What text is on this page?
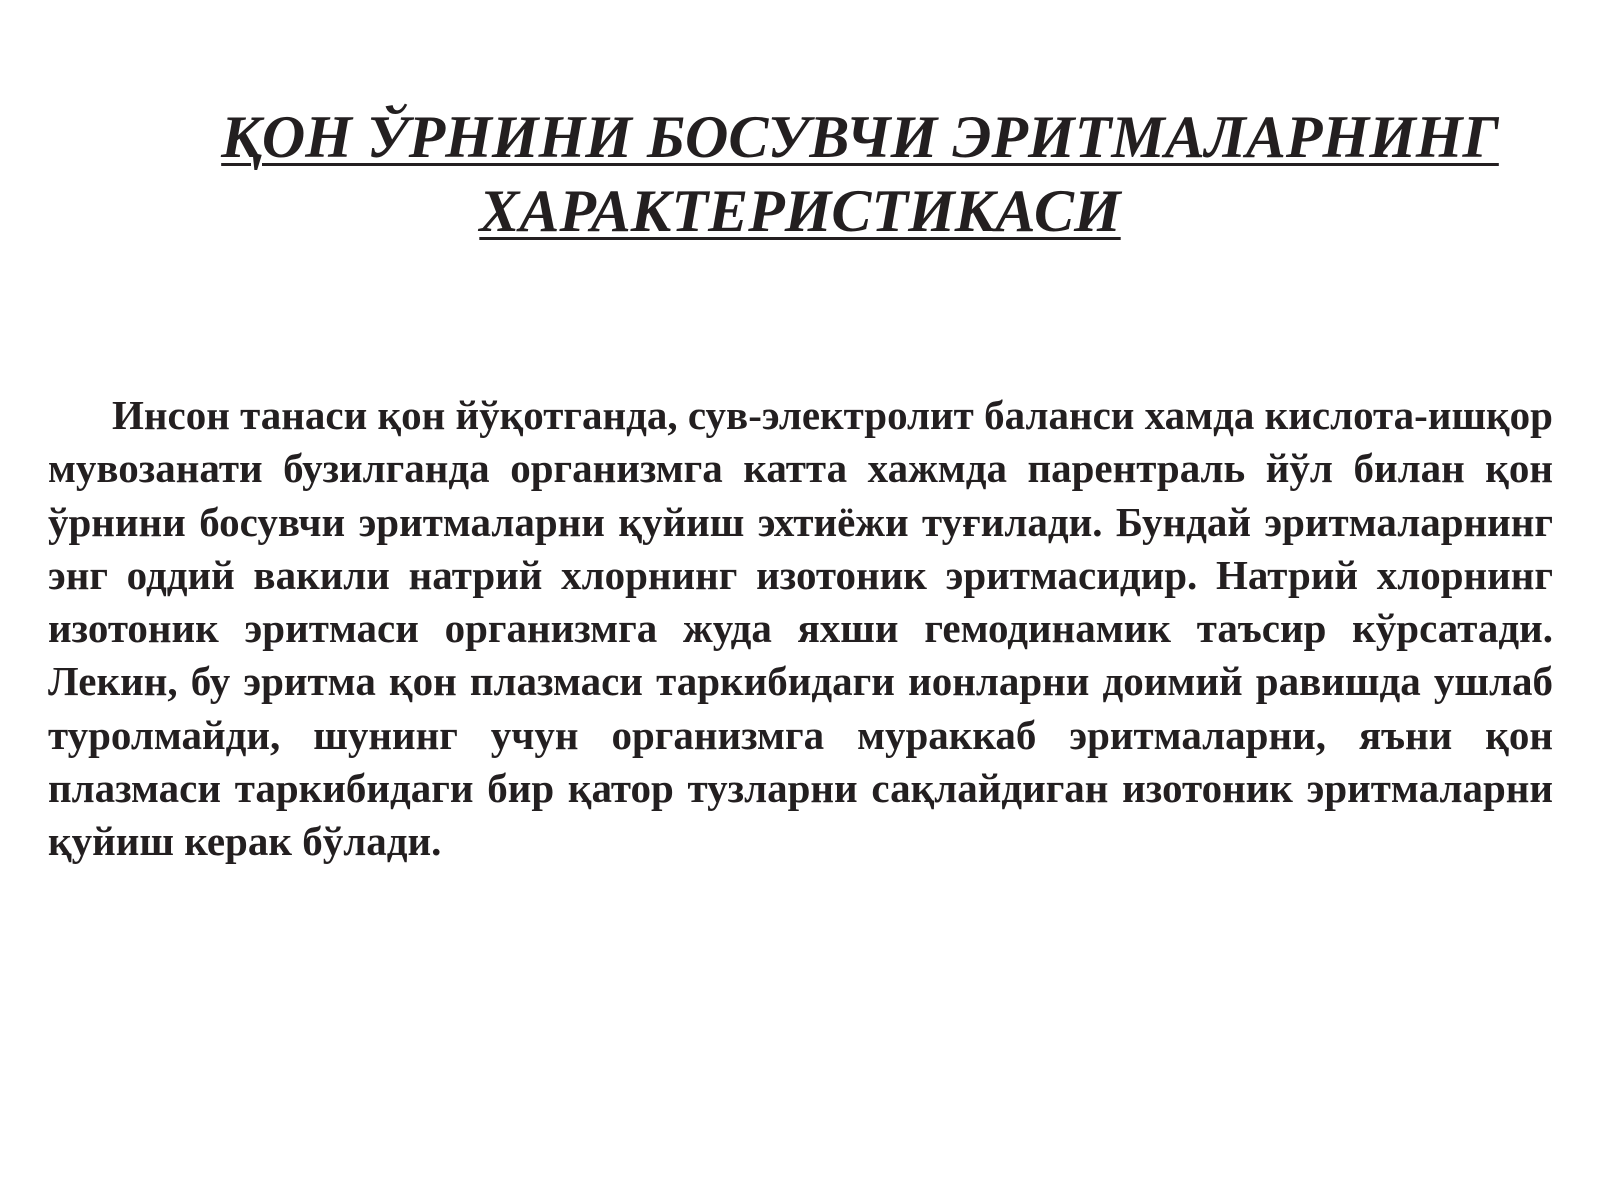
ҚОН ЎРНИНИ БОСУВЧИ ЭРИТМАЛАРНИНГ
ХАРАКТЕРИСТИКАСИ
Инсон танаси қон йўқотганда, сув-электролит баланси хамда кислота-ишқор мувозанати бузилганда организмга катта хажмда парентраль йўл билан қон ўрнини босувчи эритмаларни қуйиш эхтиёжи туғилади. Бундай эритмаларнинг энг оддий вакили натрий хлорнинг изотоник эритмасидир. Натрий хлорнинг изотоник эритмаси организмга жуда яхши гемодинамик таъсир кўрсатади. Лекин, бу эритма қон плазмаси таркибидаги ионларни доимий равишда ушлаб туролмайди, шунинг учун организмга мураккаб эритмаларни, яъни қон плазмаси таркибидаги бир қатор тузларни сақлайдиган изотоник эритмаларни қуйиш керак бўлади.
